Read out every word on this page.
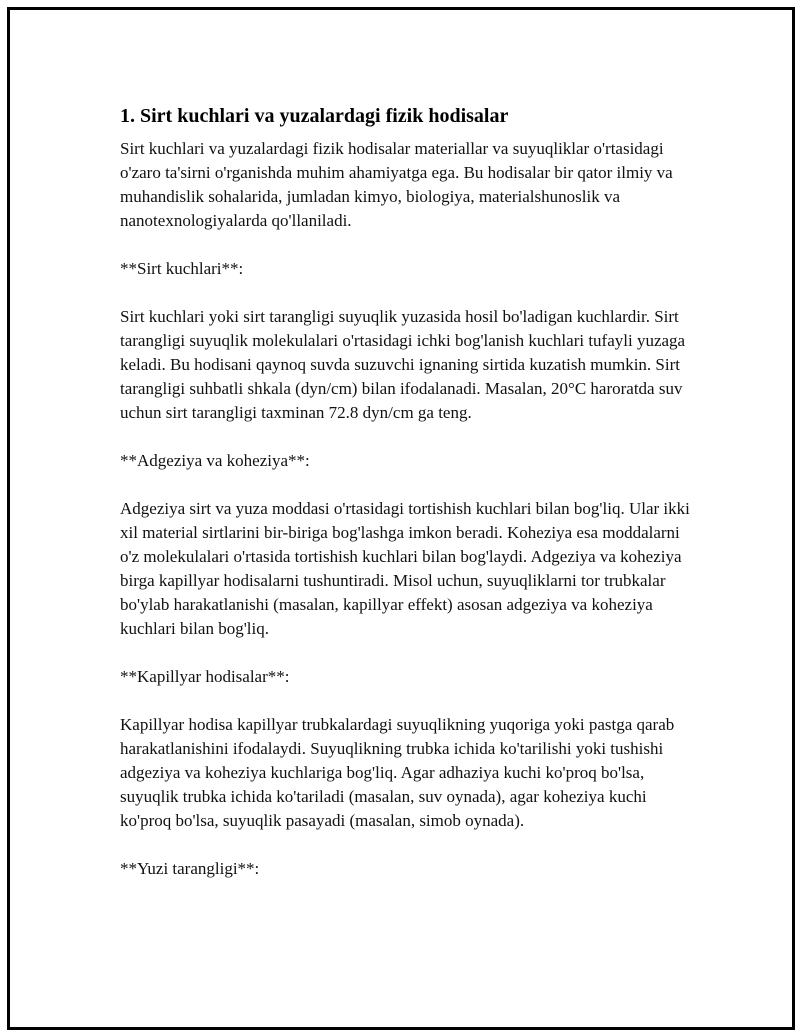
1. Sirt kuchlari va yuzalardagi fizik hodisalar

Sirt kuchlari va yuzalardagi fizik hodisalar materiallar va suyuqliklar o'rtasidagi o'zaro ta'sirni o'rganishda muhim ahamiyatga ega. Bu hodisalar bir qator ilmiy va muhandislik sohalarida, jumladan kimyo, biologiya, materialshunoslik va nanotexnologiyalarda qo'llaniladi.

**Sirt kuchlari**:

Sirt kuchlari yoki sirt tarangligi suyuqlik yuzasida hosil bo'ladigan kuchlardir. Sirt tarangligi suyuqlik molekulalari o'rtasidagi ichki bog'lanish kuchlari tufayli yuzaga keladi. Bu hodisani qaynoq suvda suzuvchi ignaning sirtida kuzatish mumkin. Sirt tarangligi suhbatli shkala (dyn/cm) bilan ifodalanadi. Masalan, 20°C haroratda suv uchun sirt tarangligi taxminan 72.8 dyn/cm ga teng.

**Adgeziya va koheziya**:

Adgeziya sirt va yuza moddasi o'rtasidagi tortishish kuchlari bilan bog'liq. Ular ikki xil material sirtlarini bir-biriga bog'lashga imkon beradi. Koheziya esa moddalarni o'z molekulalari o'rtasida tortishish kuchlari bilan bog'laydi. Adgeziya va koheziya birga kapillyar hodisalarni tushuntiradi. Misol uchun, suyuqliklarni tor trubkalar bo'ylab harakatlanishi (masalan, kapillyar effekt) asosan adgeziya va koheziya kuchlari bilan bog'liq.

**Kapillyar hodisalar**:

Kapillyar hodisa kapillyar trubkalardagi suyuqlikning yuqoriga yoki pastga qarab harakatlanishini ifodalaydi. Suyuqlikning trubka ichida ko'tarilishi yoki tushishi adgeziya va koheziya kuchlariga bog'liq. Agar adhaziya kuchi ko'proq bo'lsa, suyuqlik trubka ichida ko'tariladi (masalan, suv oynada), agar koheziya kuchi ko'proq bo'lsa, suyuqlik pasayadi (masalan, simob oynada).

**Yuzi tarangligi**:
